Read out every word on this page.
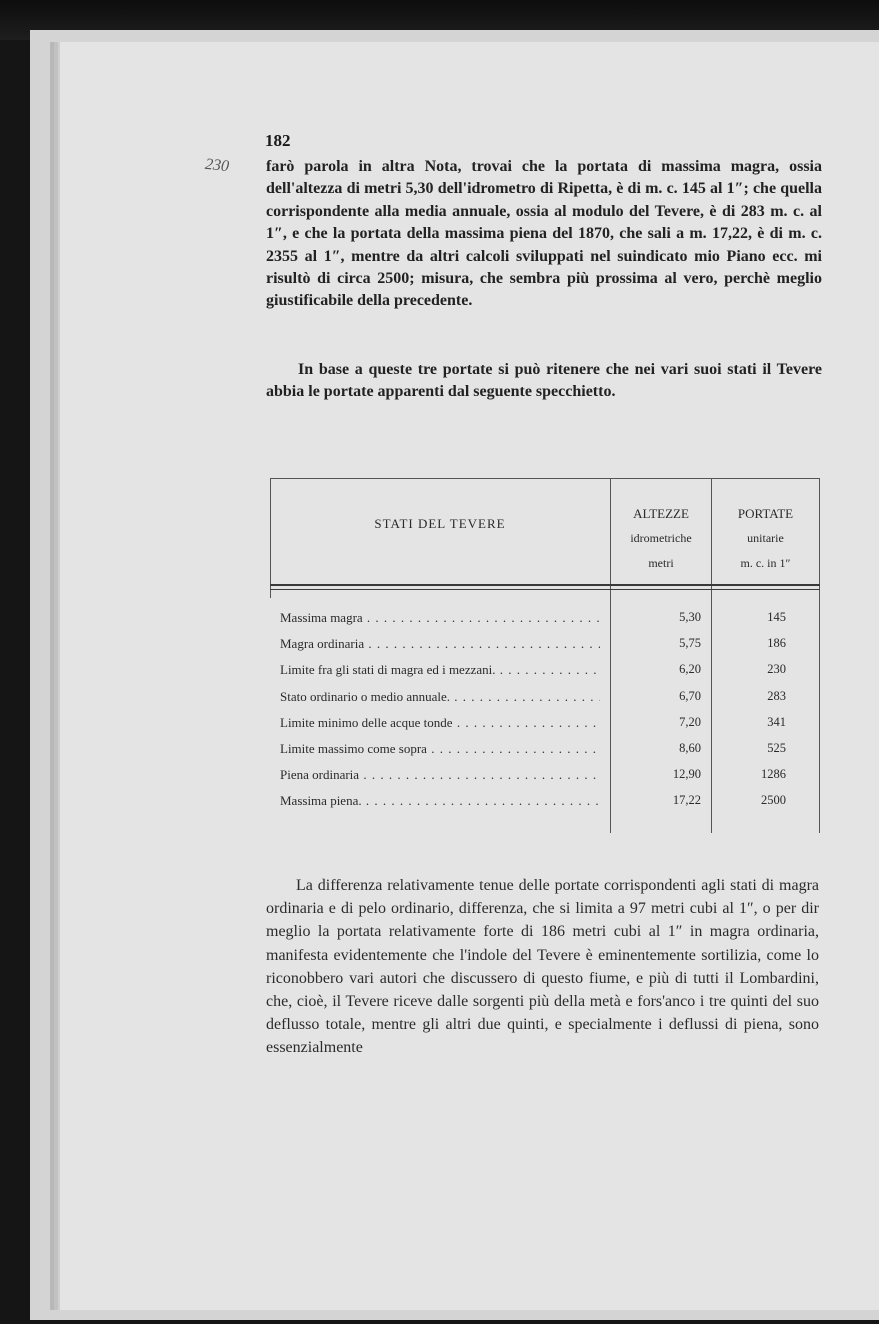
182
230 farò parola in altra Nota, trovai che la portata di massima magra, ossia dell'altezza di metri 5,30 dell'idrometro di Ripetta, è di m. c. 145 al 1″; che quella corrispondente alla media annuale, ossia al modulo del Tevere, è di 283 m. c. al 1″, e che la portata della massima piena del 1870, che sali a m. 17,22, è di m. c. 2355 al 1″, mentre da altri calcoli sviluppati nel suindicato mio Piano ecc. mi risultò di circa 2500; misura, che sembra più prossima al vero, perchè meglio giustificabile della precedente.
In base a queste tre portate si può ritenere che nei vari suoi stati il Tevere abbia le portate apparenti dal seguente specchietto.
STATI DEL TEVERE
ALTEZZE
idrometriche
metri
PORTATE
unitarie
m. c. in 1″
Massima magra . . .	5,30	145
Magra ordinaria . . .	5,75	186
Limite fra gli stati di magra ed i mezzani. . . .	6,20	230
Stato ordinario o medio annuale. . . .	6,70	283
Limite minimo delle acque tonde . . .	7,20	341
Limite massimo come sopra . . .	8,60	525
Piena ordinaria . . .	12,90	1286
Massima piena. . . .	17,22	2500
La differenza relativamente tenue delle portate corrispondenti agli stati di magra ordinaria e di pelo ordinario, differenza, che si limita a 97 metri cubi al 1″, o per dir meglio la portata relativamente forte di 186 metri cubi al 1″ in magra ordinaria, manifesta evidentemente che l'indole del Tevere è eminentemente sortilizia, come lo riconobbero vari autori che discussero di questo fiume, e più di tutti il Lombardini, che, cioè, il Tevere riceve dalle sorgenti più della metà e fors'anco i tre quinti del suo deflusso totale, mentre gli altri due quinti, e specialmente i deflussi di piena, sono essenzialmente
